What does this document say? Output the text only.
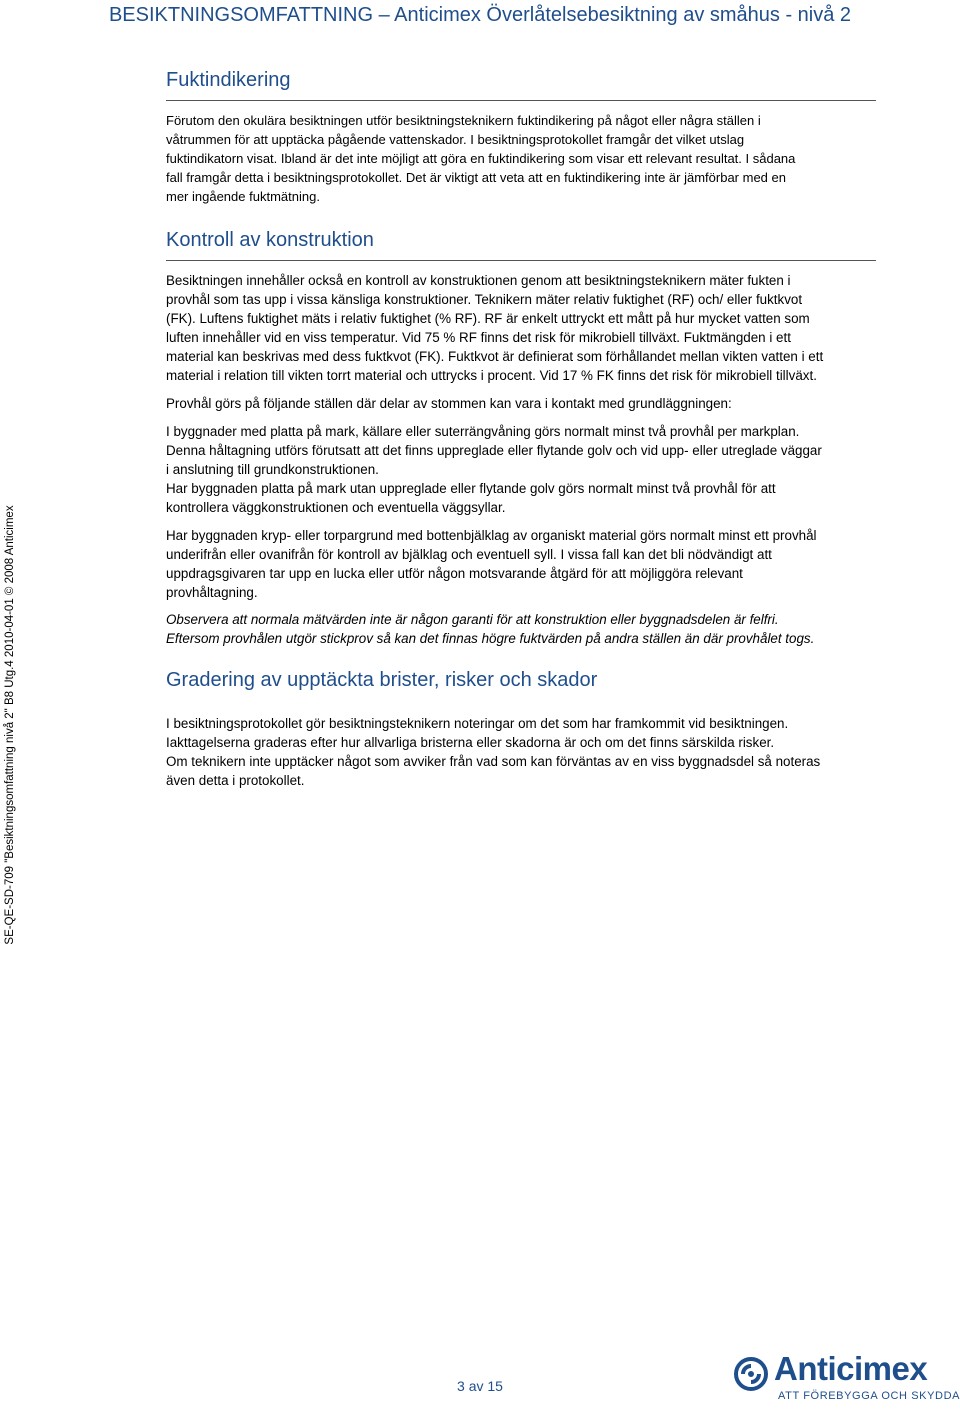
BESIKTNINGSOMFATTNING – Anticimex Överlåtelsebesiktning av småhus - nivå 2
SE-QE-SD-709 "Besiktningsomfattning nivå 2" B8 Utg.4 2010-04-01 © 2008 Anticimex
Fuktindikering

Förutom den okulära besiktningen utför besiktningsteknikern fuktindikering på något eller några ställen i

våtrummen för att upptäcka pågående vattenskador. I besiktningsprotokollet framgår det vilket utslag

fuktindikatorn visat. Ibland är det inte möjligt att göra en fuktindikering som visar ett relevant resultat. I sådana

fall framgår detta i besiktningsprotokollet. Det är viktigt att veta att en fuktindikering inte är jämförbar med en

mer ingående fuktmätning.

Kontroll av konstruktion

Besiktningen innehåller också en kontroll av konstruktionen genom att besiktningsteknikern mäter fukten i

provhål som tas upp i vissa känsliga konstruktioner. Teknikern mäter relativ fuktighet (RF) och/ eller fuktkvot

(FK). Luftens fuktighet mäts i relativ fuktighet (% RF). RF är enkelt uttryckt ett mått på hur mycket vatten som

luften innehåller vid en viss temperatur. Vid 75 % RF finns det risk för mikrobiell tillväxt. Fuktmängden i ett

material kan beskrivas med dess fuktkvot (FK). Fuktkvot är definierat som förhållandet mellan vikten vatten i ett

material i relation till vikten torrt material och uttrycks i procent. Vid 17 % FK finns det risk för mikrobiell tillväxt.

Provhål görs på följande ställen där delar av stommen kan vara i kontakt med grundläggningen:

I byggnader med platta på mark, källare eller suterrängvåning görs normalt minst två provhål per markplan.

Denna håltagning utförs förutsatt att det finns uppreglade eller flytande golv och vid upp- eller utreglade väggar

i anslutning till grundkonstruktionen.

Har byggnaden platta på mark utan uppreglade eller flytande golv görs normalt minst två provhål för att

kontrollera väggkonstruktionen och eventuella väggsyllar.

Har byggnaden kryp- eller torpargrund med bottenbjälklag av organiskt material görs normalt minst ett provhål

underifrån eller ovanifrån för kontroll av bjälklag och eventuell syll. I vissa fall kan det bli nödvändigt att

uppdragsgivaren tar upp en lucka eller utför någon motsvarande åtgärd för att möjliggöra relevant

provhåltagning.

Observera att normala mätvärden inte är någon garanti för att konstruktion eller byggnadsdelen är felfri.

Eftersom provhålen utgör stickprov så kan det finnas högre fuktvärden på andra ställen än där provhålet togs.

Gradering av upptäckta brister, risker och skador

I besiktningsprotokollet gör besiktningsteknikern noteringar om det som har framkommit vid besiktningen.

Iakttagelserna graderas efter hur allvarliga bristerna eller skadorna är och om det finns särskilda risker.

Om teknikern inte upptäcker något som avviker från vad som kan förväntas av en viss byggnadsdel så noteras

även detta i protokollet.

3 av 15	Anticimex
ATT FÖREBYGGA OCH SKYDDA
